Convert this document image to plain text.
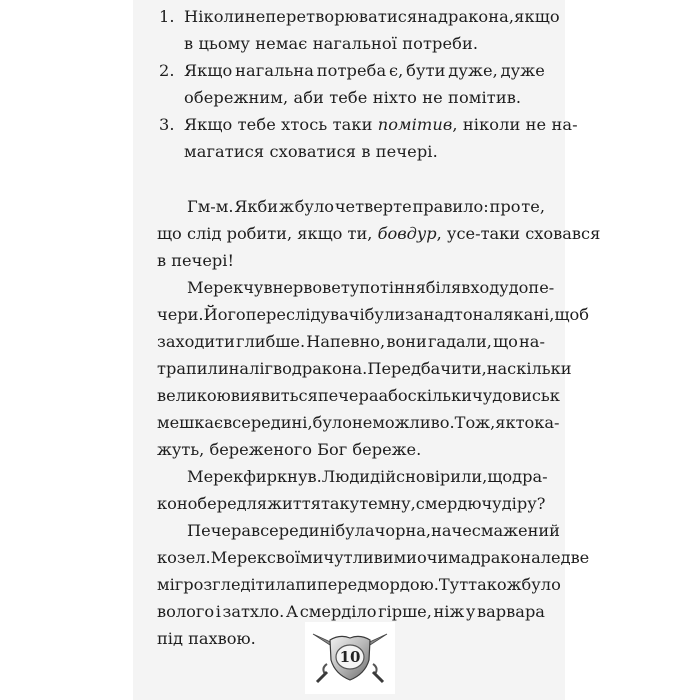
1. Ніколи не перетворюватися на дракона, якщо
в цьому немає нагальної потреби.
2. Якщо нагальна потреба є, бути дуже, дуже
обережним, аби тебе ніхто не помітив.
3. Якщо тебе хтось таки помітив, ніколи не на-
магатися сховатися в печері.
Гм-м. Якби ж було четверте правило: про те,
що слід робити, якщо ти, бовдур , усе-таки сховався
в печері!
Мерек чув нервове тупотіння біля входу до пе-
чери. Його переслідувачі були занадто налякані, щоб
заходити глибше. Напевно, вони гадали, що на-
трапили на лігво дракона. Передбачити, наскільки
великою виявиться печера або скільки чудовиськ
мешкає всередині, було неможливо. Тож, як то ка-
жуть, береженого Бог береже.
Мерек фиркнув. Люди дійсно вірили, що дра-
кон обере для життя таку темну, смердючу діру?
Печера всередині була чорна, наче смажений
козел. Мерек своїми чутливими очима дракона ледве
міг розгледіти лапи перед мордою. Тут також було
волого і затхло. А смерділо гірше, ніж у варвара
під пахвою.
10
